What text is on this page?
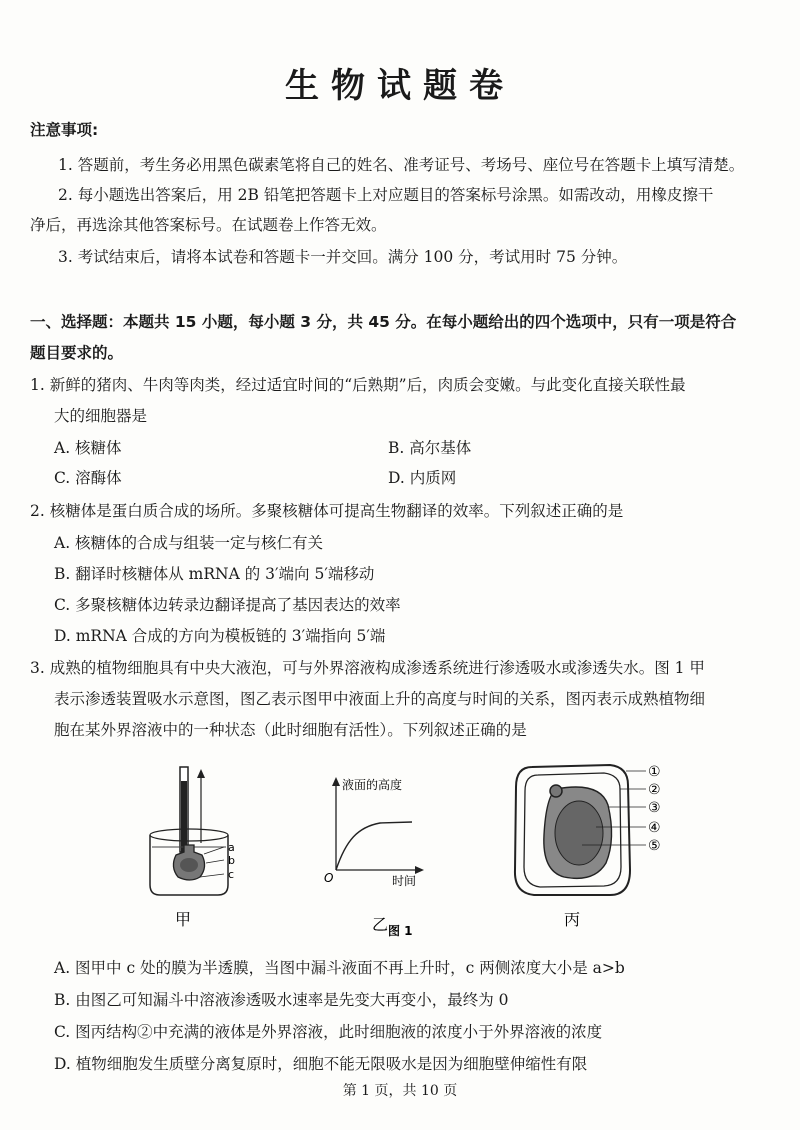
生物试题卷
注意事项:
1. 答题前，考生务必用黑色碳素笔将自己的姓名、准考证号、考场号、座位号在答题卡上填写清楚。
2. 每小题选出答案后，用 2B 铅笔把答题卡上对应题目的答案标号涂黑。如需改动，用橡皮擦干
净后，再选涂其他答案标号。在试题卷上作答无效。
3. 考试结束后，请将本试卷和答题卡一并交回。满分 100 分，考试用时 75 分钟。
一、选择题：本题共 15 小题，每小题 3 分，共 45 分。在每小题给出的四个选项中，只有一项是符合
题目要求的。
1. 新鲜的猪肉、牛肉等肉类，经过适宜时间的“后熟期”后，肉质会变嫩。与此变化直接关联性最
大的细胞器是
A. 核糖体	B. 高尔基体
C. 溶酶体	D. 内质网
2. 核糖体是蛋白质合成的场所。多聚核糖体可提高生物翻译的效率。下列叙述正确的是
A. 核糖体的合成与组装一定与核仁有关
B. 翻译时核糖体从 mRNA 的 3′端向 5′端移动
C. 多聚核糖体边转录边翻译提高了基因表达的效率
D. mRNA 合成的方向为模板链的 3′端指向 5′端
3. 成熟的植物细胞具有中央大液泡，可与外界溶液构成渗透系统进行渗透吸水或渗透失水。图 1 甲
表示渗透装置吸水示意图，图乙表示图甲中液面上升的高度与时间的关系，图丙表示成熟植物细
胞在某外界溶液中的一种状态（此时细胞有活性）。下列叙述正确的是
a
b
c
甲
液面的高度
时间
O
乙
①
②
③
④
⑤
丙
图 1
A. 图甲中 c 处的膜为半透膜，当图中漏斗液面不再上升时，c 两侧浓度大小是 a>b
B. 由图乙可知漏斗中溶液渗透吸水速率是先变大再变小，最终为 0
C. 图丙结构②中充满的液体是外界溶液，此时细胞液的浓度小于外界溶液的浓度
D. 植物细胞发生质壁分离复原时，细胞不能无限吸水是因为细胞壁伸缩性有限
第 1 页，共 10 页
